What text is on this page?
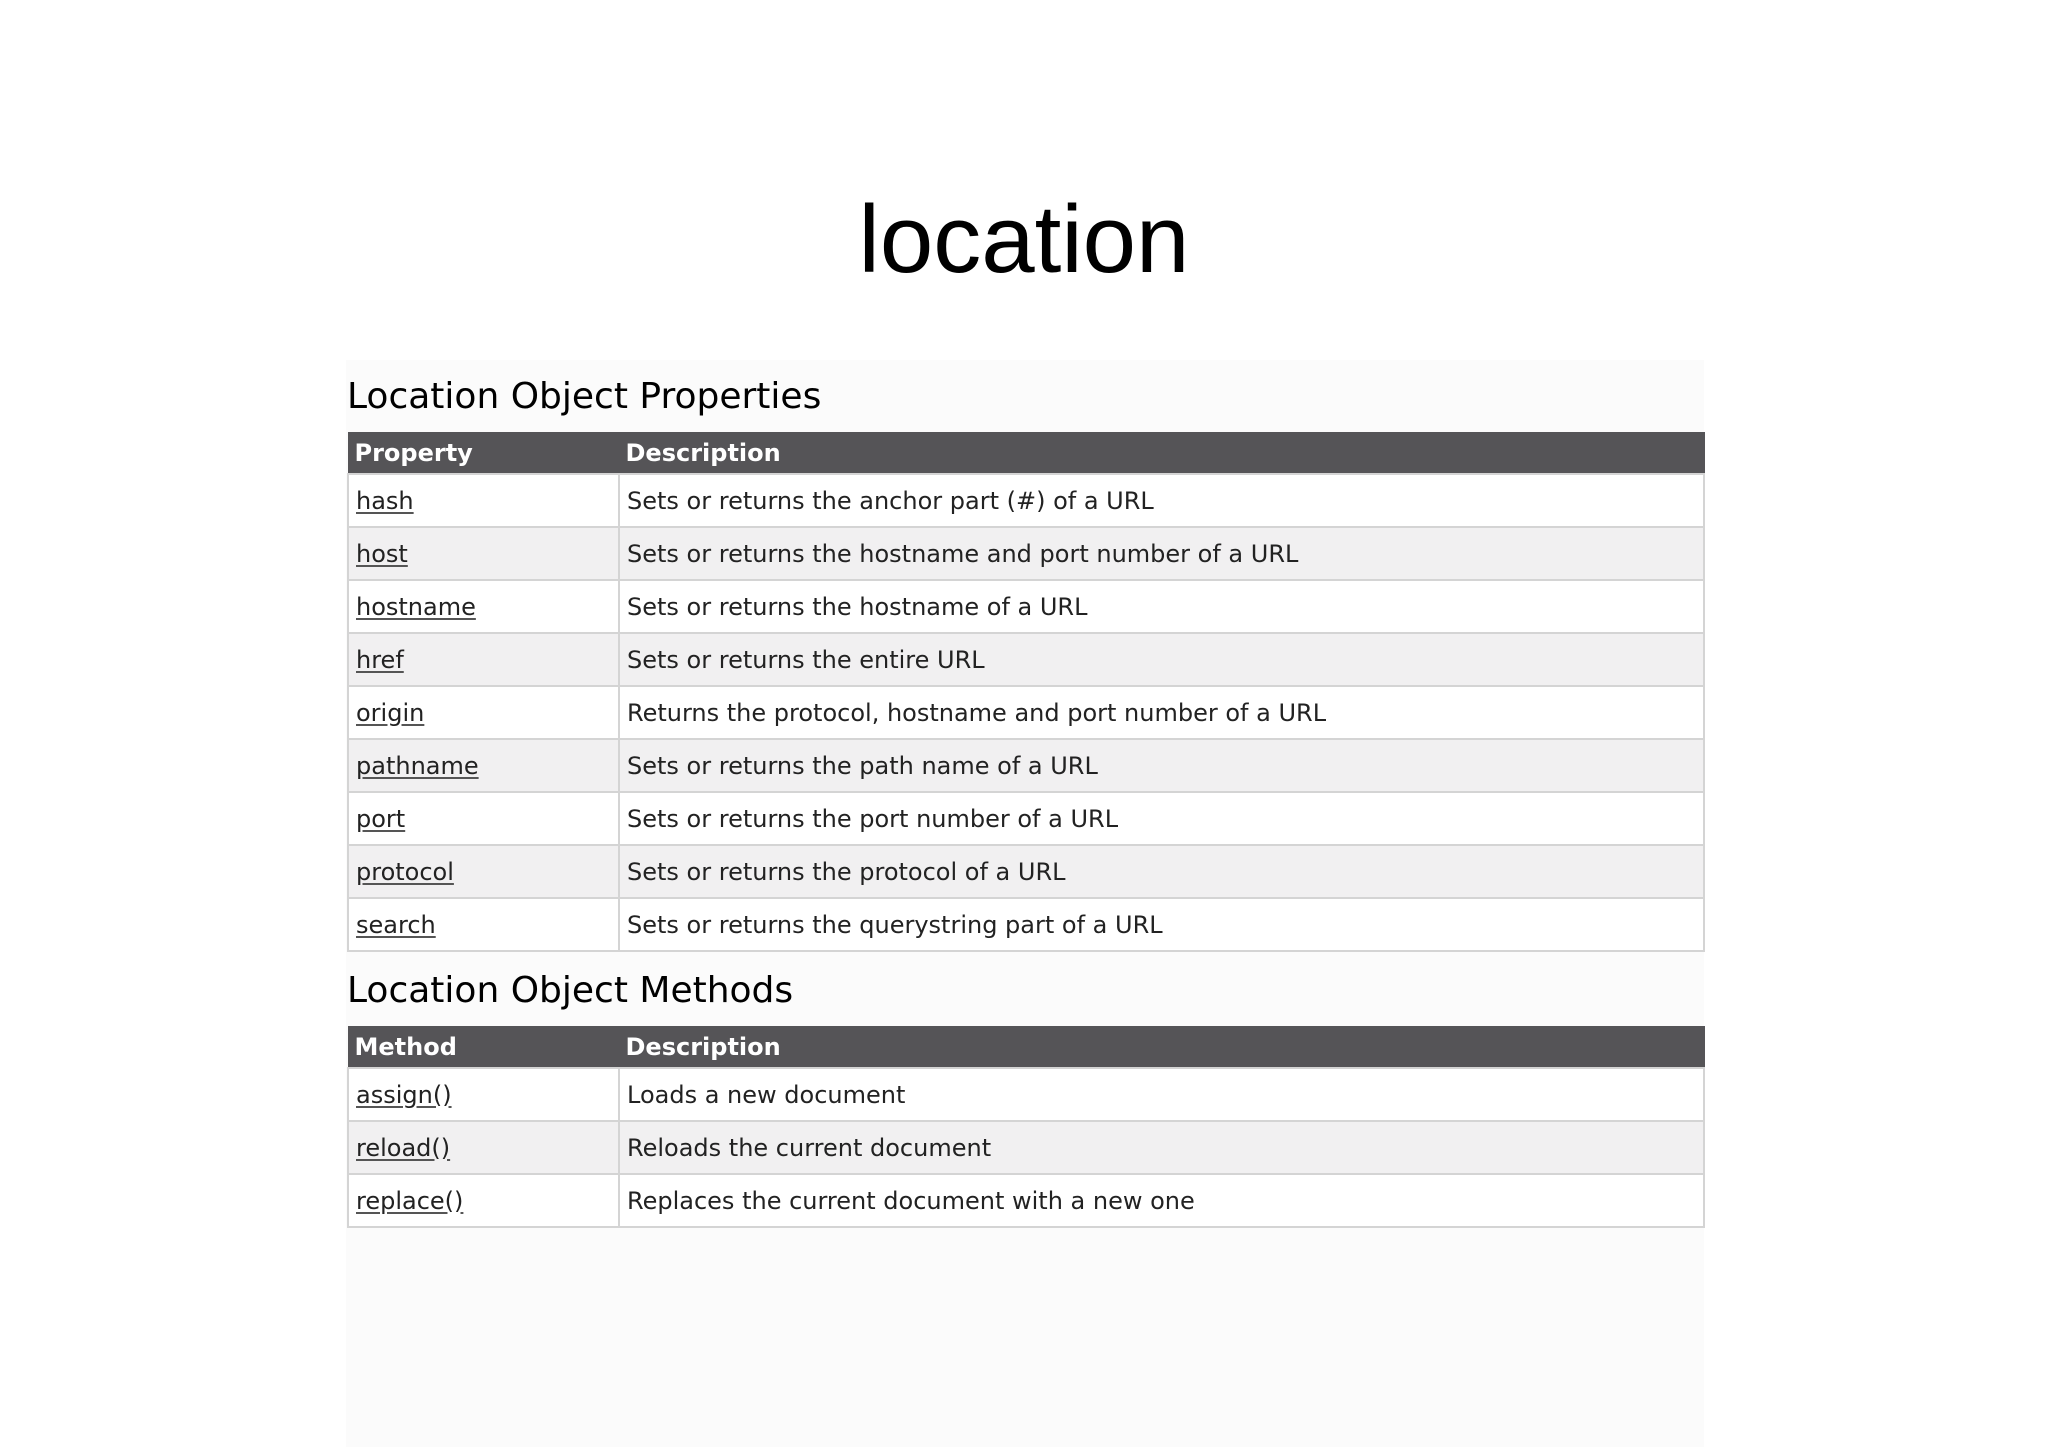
location
Location Object Properties
Property	Description
hash	Sets or returns the anchor part (#) of a URL
host	Sets or returns the hostname and port number of a URL
hostname	Sets or returns the hostname of a URL
href	Sets or returns the entire URL
origin	Returns the protocol, hostname and port number of a URL
pathname	Sets or returns the path name of a URL
port	Sets or returns the port number of a URL
protocol	Sets or returns the protocol of a URL
search	Sets or returns the querystring part of a URL
Location Object Methods
Method	Description
assign()	Loads a new document
reload()	Reloads the current document
replace()	Replaces the current document with a new one
